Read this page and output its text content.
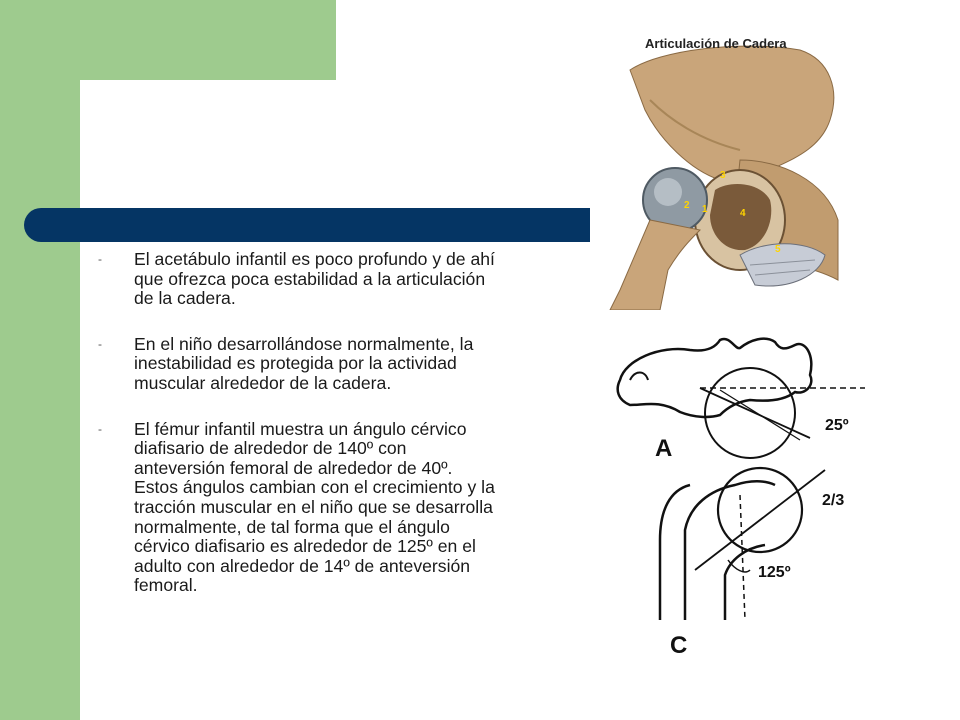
- El acetábulo infantil es poco profundo y de ahí que ofrezca poca estabilidad a la articulación de la cadera.
- En el niño desarrollándose normalmente, la inestabilidad es protegida por la actividad muscular alrededor de la cadera.
- El fémur infantil muestra un ángulo cérvico diafisario de alrededor de 140º con anteversión femoral de alrededor de 40º. Estos ángulos cambian con el crecimiento y la tracción muscular en el niño que se desarrolla normalmente, de tal forma que el ángulo cérvico diafisario es alrededor de 125º en el adulto con alrededor de 14º de anteversión femoral.
3
2 1	4
5
Articulación de Cadera
25º
A
2/3
125º
C
